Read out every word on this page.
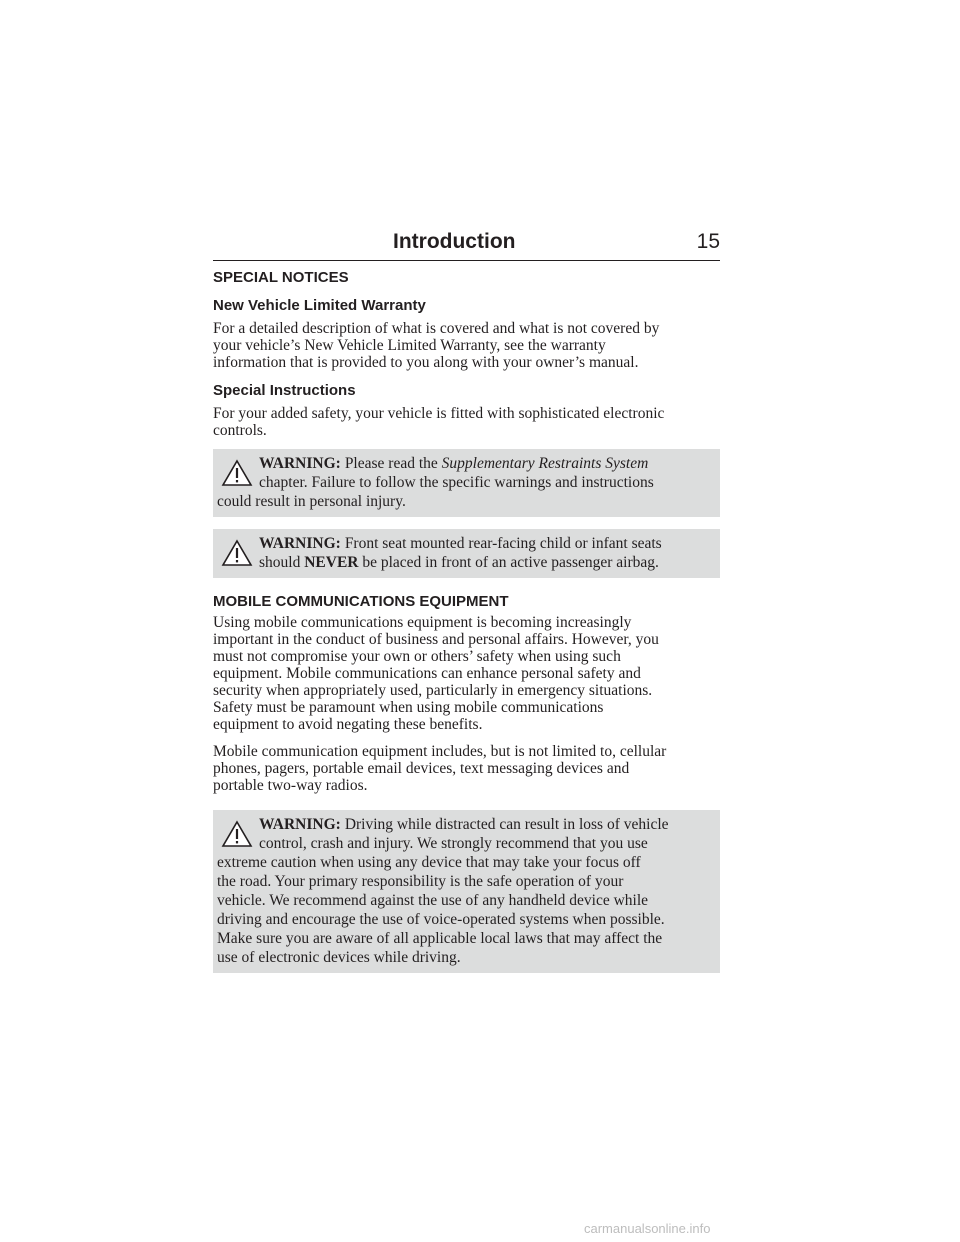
Introduction	15
SPECIAL NOTICES
New Vehicle Limited Warranty

For a detailed description of what is covered and what is not covered by
your vehicle’s New Vehicle Limited Warranty, see the warranty
information that is provided to you along with your owner’s manual.

Special Instructions

For your added safety, your vehicle is fitted with sophisticated electronic
controls.

WARNING: Please read the Supplementary Restraints System
chapter. Failure to follow the specific warnings and instructions
could result in personal injury.
WARNING: Front seat mounted rear-facing child or infant seats
should NEVER be placed in front of an active passenger airbag.
MOBILE COMMUNICATIONS EQUIPMENT

Using mobile communications equipment is becoming increasingly
important in the conduct of business and personal affairs. However, you
must not compromise your own or others’ safety when using such
equipment. Mobile communications can enhance personal safety and
security when appropriately used, particularly in emergency situations.
Safety must be paramount when using mobile communications
equipment to avoid negating these benefits.

Mobile communication equipment includes, but is not limited to, cellular
phones, pagers, portable email devices, text messaging devices and
portable two-way radios.

WARNING: Driving while distracted can result in loss of vehicle
control, crash and injury. We strongly recommend that you use
extreme caution when using any device that may take your focus off
the road. Your primary responsibility is the safe operation of your
vehicle. We recommend against the use of any handheld device while
driving and encourage the use of voice-operated systems when possible.
Make sure you are aware of all applicable local laws that may affect the
use of electronic devices while driving.
carmanualsonline.info
